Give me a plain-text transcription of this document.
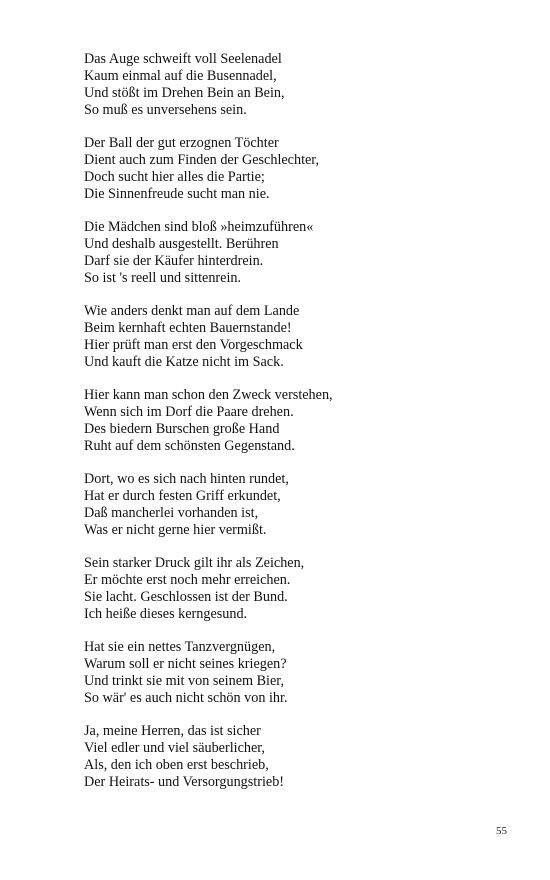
Das Auge schweift voll Seelenadel
Kaum einmal auf die Busennadel,
Und stößt im Drehen Bein an Bein,
So muß es unversehens sein.
Der Ball der gut erzognen Töchter
Dient auch zum Finden der Geschlechter,
Doch sucht hier alles die Partie;
Die Sinnenfreude sucht man nie.
Die Mädchen sind bloß »heimzuführen«
Und deshalb ausgestellt. Berühren
Darf sie der Käufer hinterdrein.
So ist 's reell und sittenrein.
Wie anders denkt man auf dem Lande
Beim kernhaft echten Bauernstande!
Hier prüft man erst den Vorgeschmack
Und kauft die Katze nicht im Sack.
Hier kann man schon den Zweck verstehen,
Wenn sich im Dorf die Paare drehen.
Des biedern Burschen große Hand
Ruht auf dem schönsten Gegenstand.
Dort, wo es sich nach hinten rundet,
Hat er durch festen Griff erkundet,
Daß mancherlei vorhanden ist,
Was er nicht gerne hier vermißt.
Sein starker Druck gilt ihr als Zeichen,
Er möchte erst noch mehr erreichen.
Sie lacht. Geschlossen ist der Bund.
Ich heiße dieses kerngesund.
Hat sie ein nettes Tanzvergnügen,
Warum soll er nicht seines kriegen?
Und trinkt sie mit von seinem Bier,
So wär' es auch nicht schön von ihr.
Ja, meine Herren, das ist sicher
Viel edler und viel säuberlicher,
Als, den ich oben erst beschrieb,
Der Heirats- und Versorgungstrieb!
55
